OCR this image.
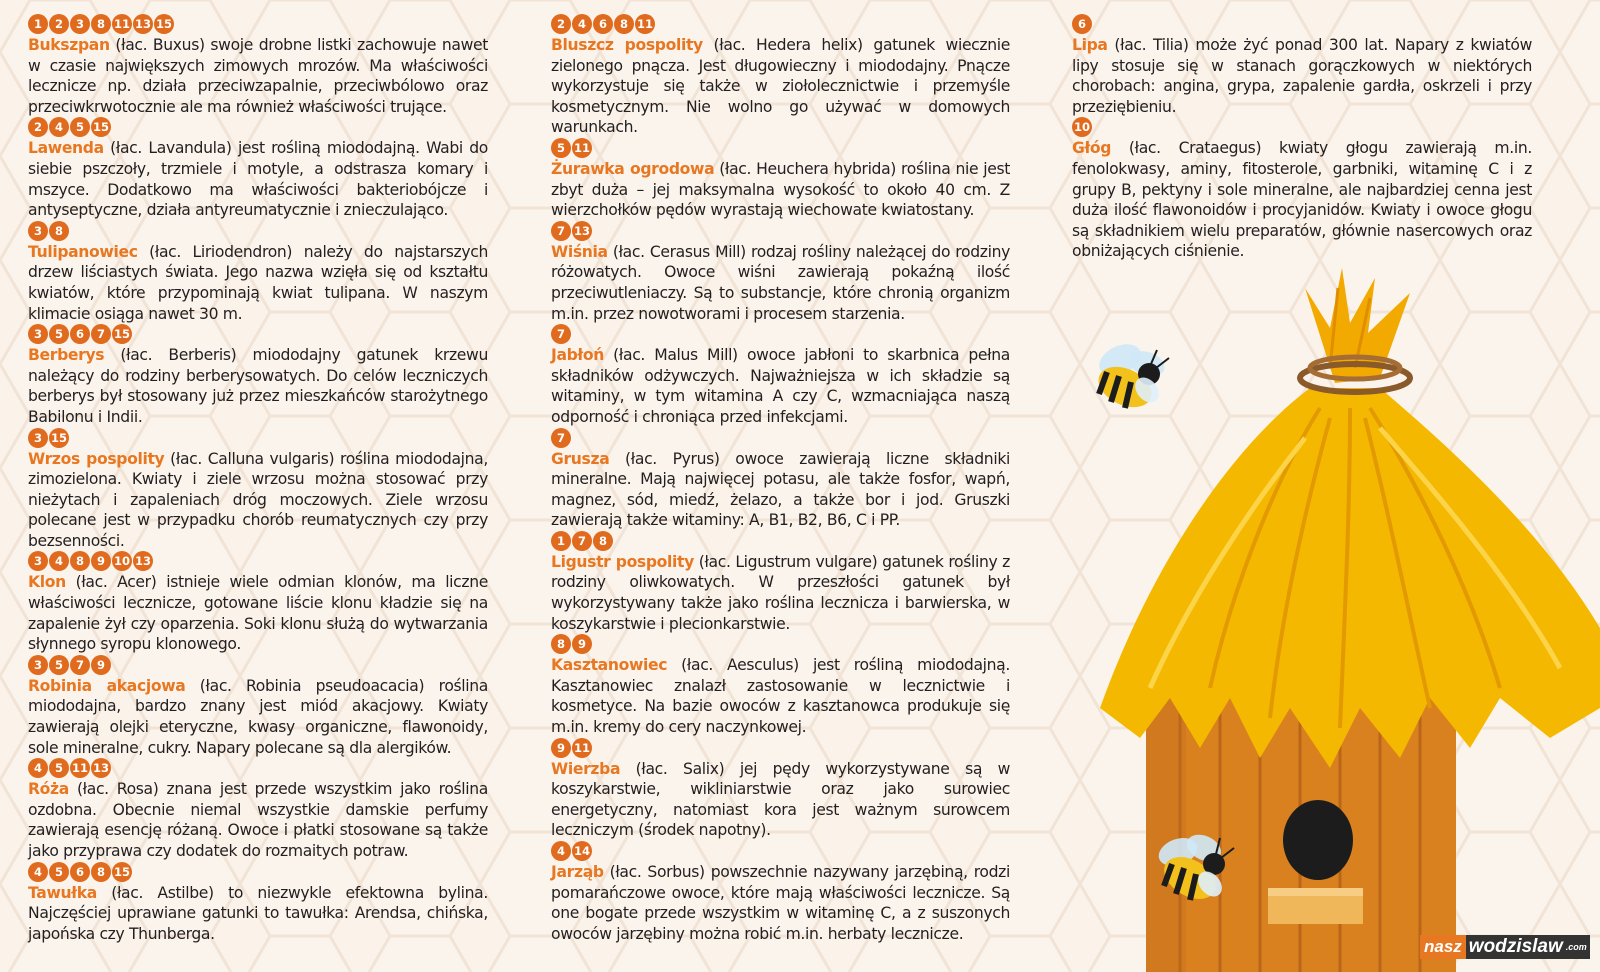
1	2	3	8 11 13 15

Bukszpan (łac. Buxus) swoje drobne listki zachowuje nawet w czasie największych zimowych mrozów. Ma właściwości lecznicze np. działa przeciwzapalnie, przeciwbólowo oraz przeciwkrwotocznie ale ma również właściwości trujące.

2	4	5 15

Lawenda (łac. Lavandula) jest rośliną miododajną. Wabi do siebie pszczoły, trzmiele i motyle, a odstrasza komary i mszyce. Dodatkowo ma właściwości bakteriobójcze i antyseptyczne, działa antyreumatycznie i znieczulająco.

3	8

Tulipanowiec (łac. Liriodendron) należy do najstarszych drzew liściastych świata. Jego nazwa wzięła się od kształtu kwiatów, które przypominają kwiat tulipana. W naszym klimacie osiąga nawet 30 m.

3	5	6	7 15

Berberys (łac. Berberis) miododajny gatunek krzewu należący do rodziny berberysowatych. Do celów leczniczych berberys był stosowany już przez mieszkańców starożytnego Babilonu i Indii.

3 15

Wrzos pospolity (łac. Calluna vulgaris) roślina miododajna, zimozielona. Kwiaty i ziele wrzosu można stosować przy nieżytach i zapaleniach dróg moczowych. Ziele wrzosu polecane jest w przypadku chorób reumatycznych czy przy bezsenności.

3	4	8	9 10 13

Klon (łac. Acer) istnieje wiele odmian klonów, ma liczne właściwości lecznicze, gotowane liście klonu kładzie się na zapalenie żył czy oparzenia. Soki klonu służą do wytwarzania słynnego syropu klonowego.

3	5	7	9

Robinia akacjowa (łac. Robinia pseudoacacia) roślina miododajna, bardzo znany jest miód akacjowy. Kwiaty zawierają olejki eteryczne, kwasy organiczne, flawonoidy, sole mineralne, cukry. Napary polecane są dla alergików.

4	5 11 13

Róża (łac. Rosa) znana jest przede wszystkim jako roślina ozdobna. Obecnie niemal wszystkie damskie perfumy zawierają esencję różaną. Owoce i płatki stosowane są także jako przyprawa czy dodatek do rozmaitych potraw.

4	5	6	8 15

Tawułka (łac. Astilbe) to niezwykle efektowna bylina. Najczęściej uprawiane gatunki to tawułka: Arendsa, chińska, japońska czy Thunberga.

2	4	6	8 11

Bluszcz pospolity (łac. Hedera helix) gatunek wiecznie zielonego pnącza. Jest długowieczny i miododajny. Pnącze wykorzystuje się także w ziołolecznictwie i przemyśle kosmetycznym. Nie wolno go używać w domowych warunkach.

5 11

Żurawka ogrodowa (łac. Heuchera hybrida) roślina nie jest zbyt duża – jej maksymalna wysokość to około 40 cm. Z wierzchołków pędów wyrastają wiechowate kwiatostany.

7 13

Wiśnia (łac. Cerasus Mill) rodzaj rośliny należącej do rodziny różowatych. Owoce wiśni zawierają pokaźną ilość przeciwutleniaczy. Są to substancje, które chronią organizm m.in. przez nowotworami i procesem starzenia.

7

Jabłoń (łac. Malus Mill) owoce jabłoni to skarbnica pełna składników odżywczych. Najważniejsza w ich składzie są witaminy, w tym witamina A czy C, wzmacniająca naszą odporność i chroniąca przed infekcjami.

7

Grusza (łac. Pyrus) owoce zawierają liczne składniki mineralne. Mają najwięcej potasu, ale także fosfor, wapń, magnez, sód, miedź, żelazo, a także bor i jod. Gruszki zawierają także witaminy: A, B1, B2, B6, C i PP.

1	7	8

Ligustr pospolity (łac. Ligustrum vulgare) gatunek rośliny z rodziny oliwkowatych. W przeszłości gatunek był wykorzystywany także jako roślina lecznicza i barwierska, w koszykarstwie i plecionkarstwie.

8	9

Kasztanowiec (łac. Aesculus) jest rośliną miododajną. Kasztanowiec znalazł zastosowanie w lecznictwie i kosmetyce. Na bazie owoców z kasztanowca produkuje się m.in. kremy do cery naczynkowej.

9 11

Wierzba (łac. Salix) jej pędy wykorzystywane są w koszykarstwie, wikliniarstwie oraz jako surowiec energetyczny, natomiast kora jest ważnym surowcem leczniczym (środek napotny).

4 14

Jarząb (łac. Sorbus) powszechnie nazywany jarzębiną, rodzi pomarańczowe owoce, które mają właściwości lecznicze. Są one bogate przede wszystkim w witaminę C, a z suszonych owoców jarzębiny można robić m.in. herbaty lecznicze.

6

Lipa (łac. Tilia) może żyć ponad 300 lat. Napary z kwiatów lipy stosuje się w stanach gorączkowych w niektórych chorobach: angina, grypa, zapalenie gardła, oskrzeli i przy przeziębieniu.

10

Głóg (łac. Crataegus) kwiaty głogu zawierają m.in. fenolokwasy, aminy, fitosterole, garbniki, witaminę C i z grupy B, pektyny i sole mineralne, ale najbardziej cenna jest duża ilość flawonoidów i procyjanidów. Kwiaty i owoce głogu są składnikiem wielu preparatów, głównie nasercowych oraz obniżających ciśnienie.

nasz wodzislaw .com
